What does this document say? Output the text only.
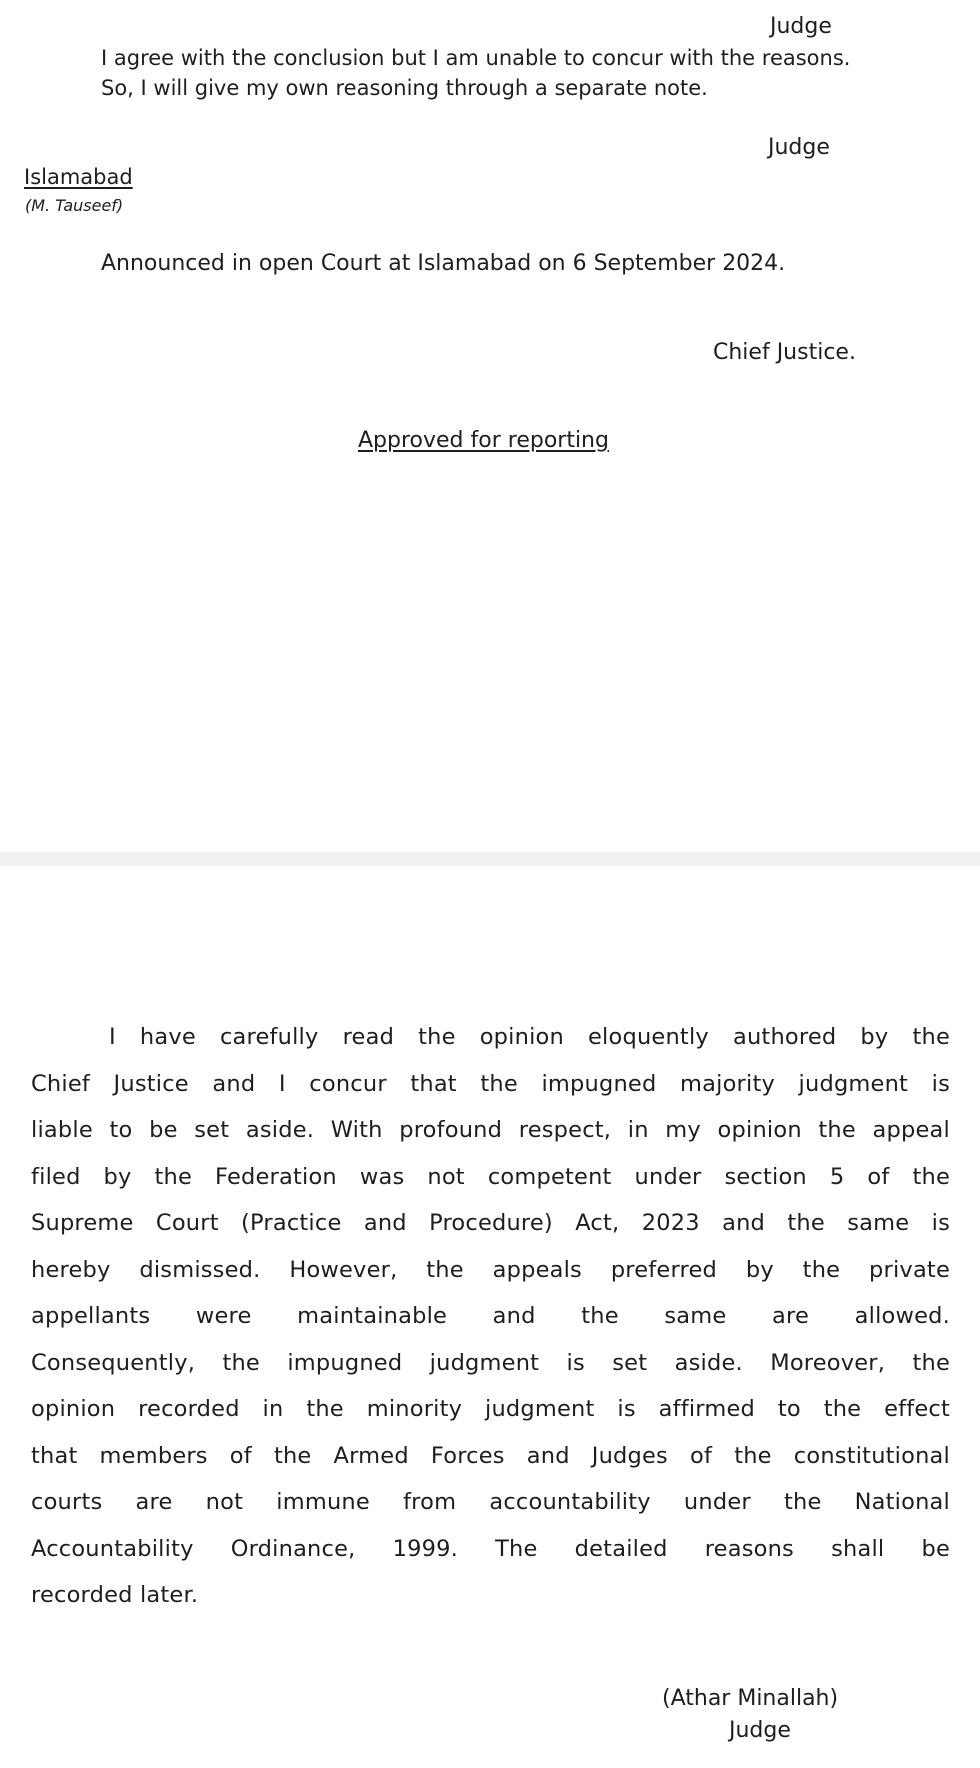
Judge
I agree with the conclusion but I am unable to concur with the reasons.
So, I will give my own reasoning through a separate note.
Judge
Islamabad
(M. Tauseef)
Announced in open Court at Islamabad on 6 September 2024.
Chief Justice.
Approved for reporting
I have carefully read the opinion eloquently authored by the
Chief Justice and I concur that the impugned majority judgment is
liable to be set aside. With profound respect, in my opinion the appeal
filed by the Federation was not competent under section 5 of the
Supreme Court (Practice and Procedure) Act, 2023 and the same is
hereby dismissed. However, the appeals preferred by the private
appellants were maintainable and the same are allowed.
Consequently, the impugned judgment is set aside. Moreover, the
opinion recorded in the minority judgment is affirmed to the effect
that members of the Armed Forces and Judges of the constitutional
courts are not immune from accountability under the National
Accountability Ordinance, 1999. The detailed reasons shall be
recorded later.
(Athar Minallah)
Judge
